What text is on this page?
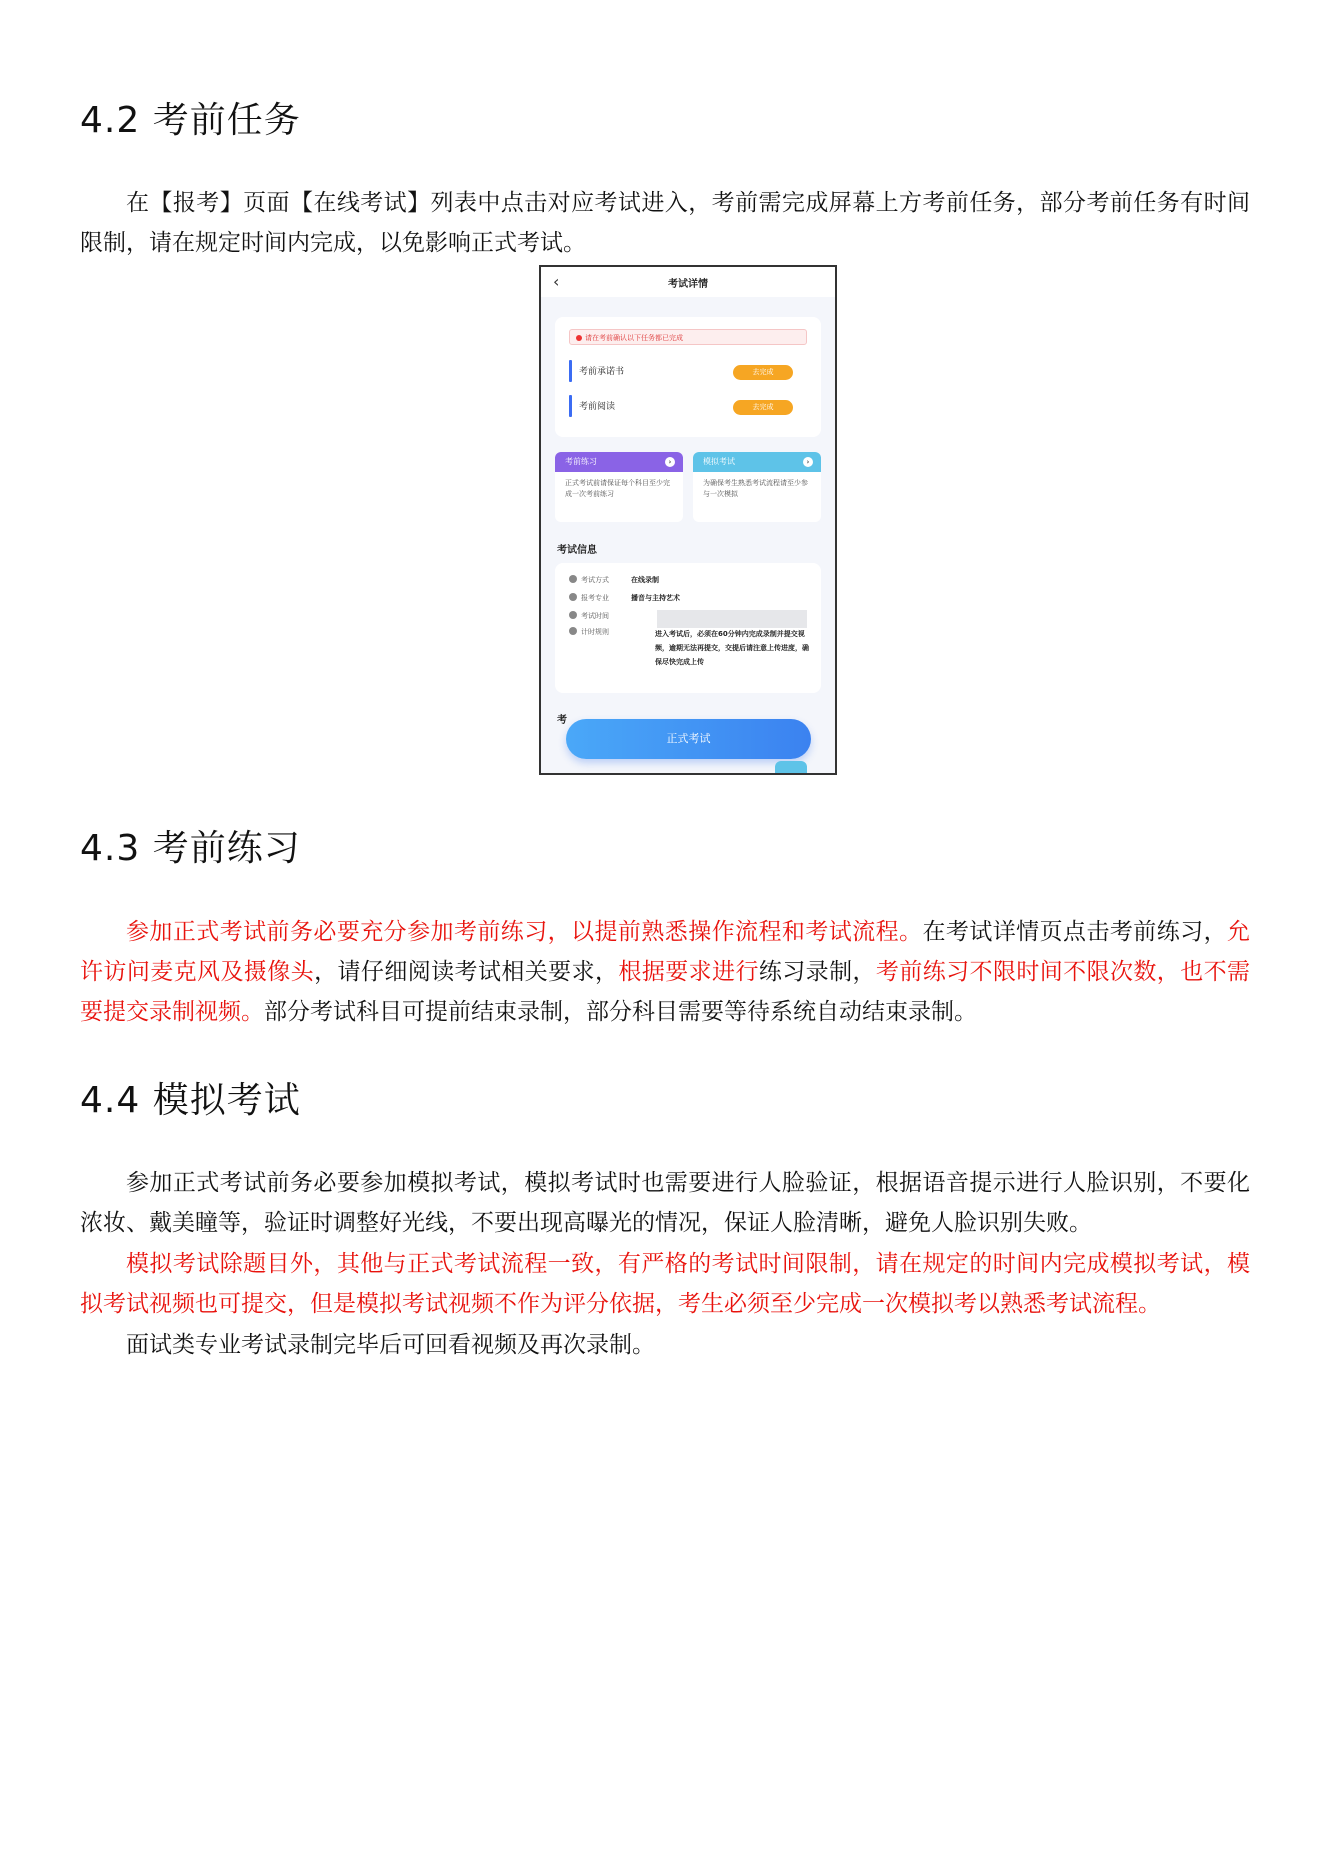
4.2 考前任务

在【报考】页面【在线考试】列表中点击对应考试进入，考前需完成屏幕上方考前任务，部分考前任务有时间限制，请在规定时间内完成，以免影响正式考试。

‹	考试详情
请在考前确认以下任务都已完成
考前承诺书	去完成
考前阅读	去完成
考前练习	›
正式考试前请保证每个科目至少完成一次考前练习
模拟考试	›
为确保考生熟悉考试流程请至少参与一次模拟
考试信息
考试方式	在线录制
报考专业	播音与主持艺术
考试时间
计时规则	进入考试后，必须在60分钟内完成录制并提交视频，逾期无法再提交，交提后请注意上传进度，确保尽快完成上传
考
正式考试
4.3 考前练习

参加正式考试前务必要充分参加考前练习，以提前熟悉操作流程和考试流程。在考试详情页点击考前练习，允许访问麦克风及摄像头，请仔细阅读考试相关要求，根据要求进行练习录制，考前练习不限时间不限次数，也不需要提交录制视频。部分考试科目可提前结束录制，部分科目需要等待系统自动结束录制。

4.4 模拟考试

参加正式考试前务必要参加模拟考试，模拟考试时也需要进行人脸验证，根据语音提示进行人脸识别，不要化浓妆、戴美瞳等，验证时调整好光线，不要出现高曝光的情况，保证人脸清晰，避免人脸识别失败。

模拟考试除题目外，其他与正式考试流程一致，有严格的考试时间限制，请在规定的时间内完成模拟考试，模拟考试视频也可提交，但是模拟考试视频不作为评分依据，考生必须至少完成一次模拟考以熟悉考试流程。

面试类专业考试录制完毕后可回看视频及再次录制。
